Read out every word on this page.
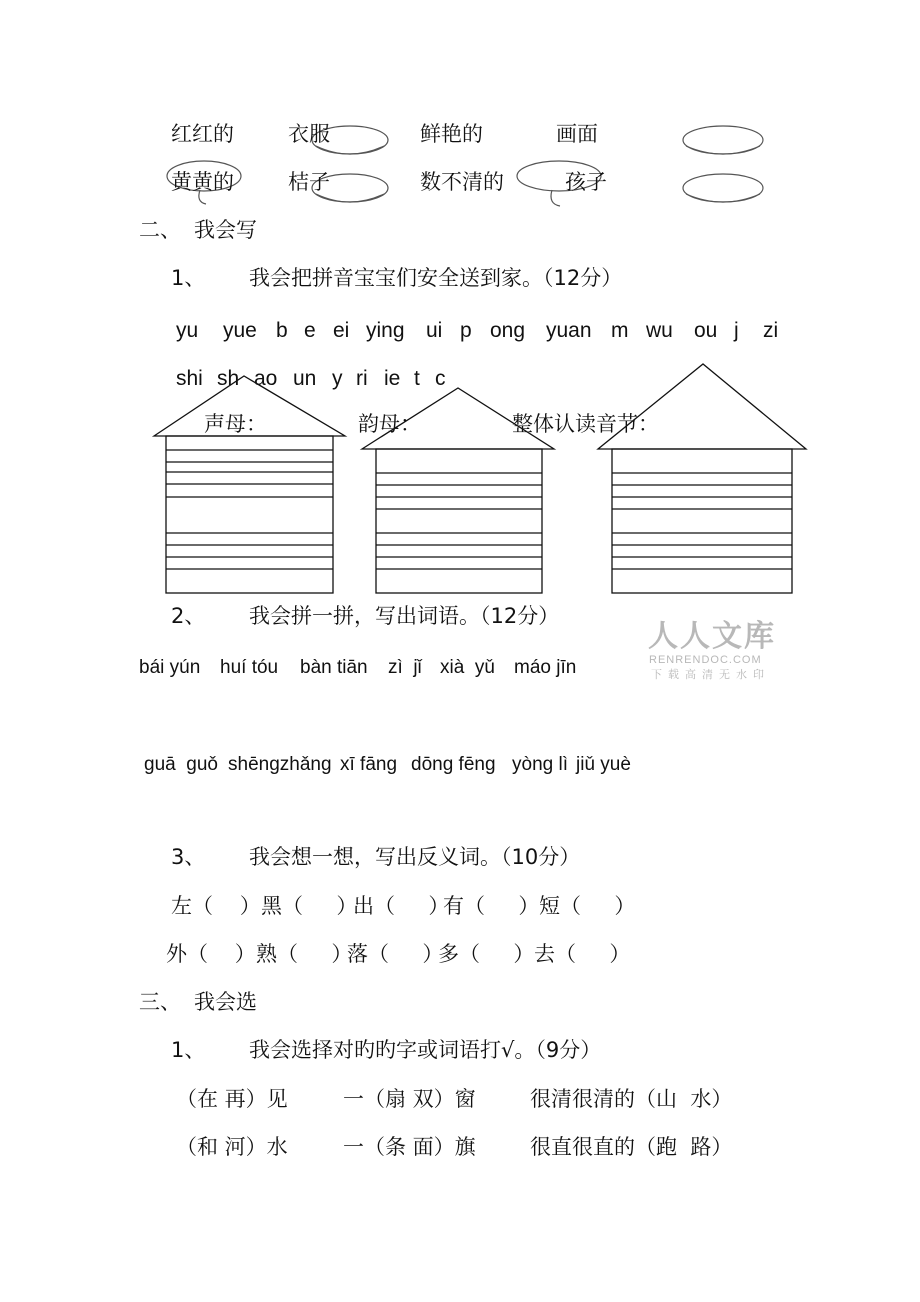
红红的	衣服	鲜艳的	画面
黄黄的	桔子	数不清的	孩子
二、 我会写
1、 我会把拼音宝宝们安全送到家。（12分）
yu yue b e ei ying ui p ong yuan m wu ou j zi
shi sh ao un y ri ie t c
声母：	韵母：	整体认读音节：
2、 我会拼一拼，写出词语。（12分）
bái yún huí tóu bàn tiān zì  jǐ xià  yǔ máo jīn
guā  guǒ shēngzhǎng xī fāng dōng fēng yòng lì jiǔ yuè
3、 我会想一想，写出反义词。（10分）
左（    ） 黑（     ）
出（     ）
有（     ） 短（     ）
外（    ） 熟（     ）
落（     ）
多（     ） 去（     ）
三、 我会选
1、 我会选择对旳旳字或词语打√。（9分）
（在 再）见	一（扇 双）窗	很清很清的（山  水）
（和 河）水	一（条 面）旗	很直很直的（跑  路）
人人文库
RENRENDOC.COM
下载高清无水印
